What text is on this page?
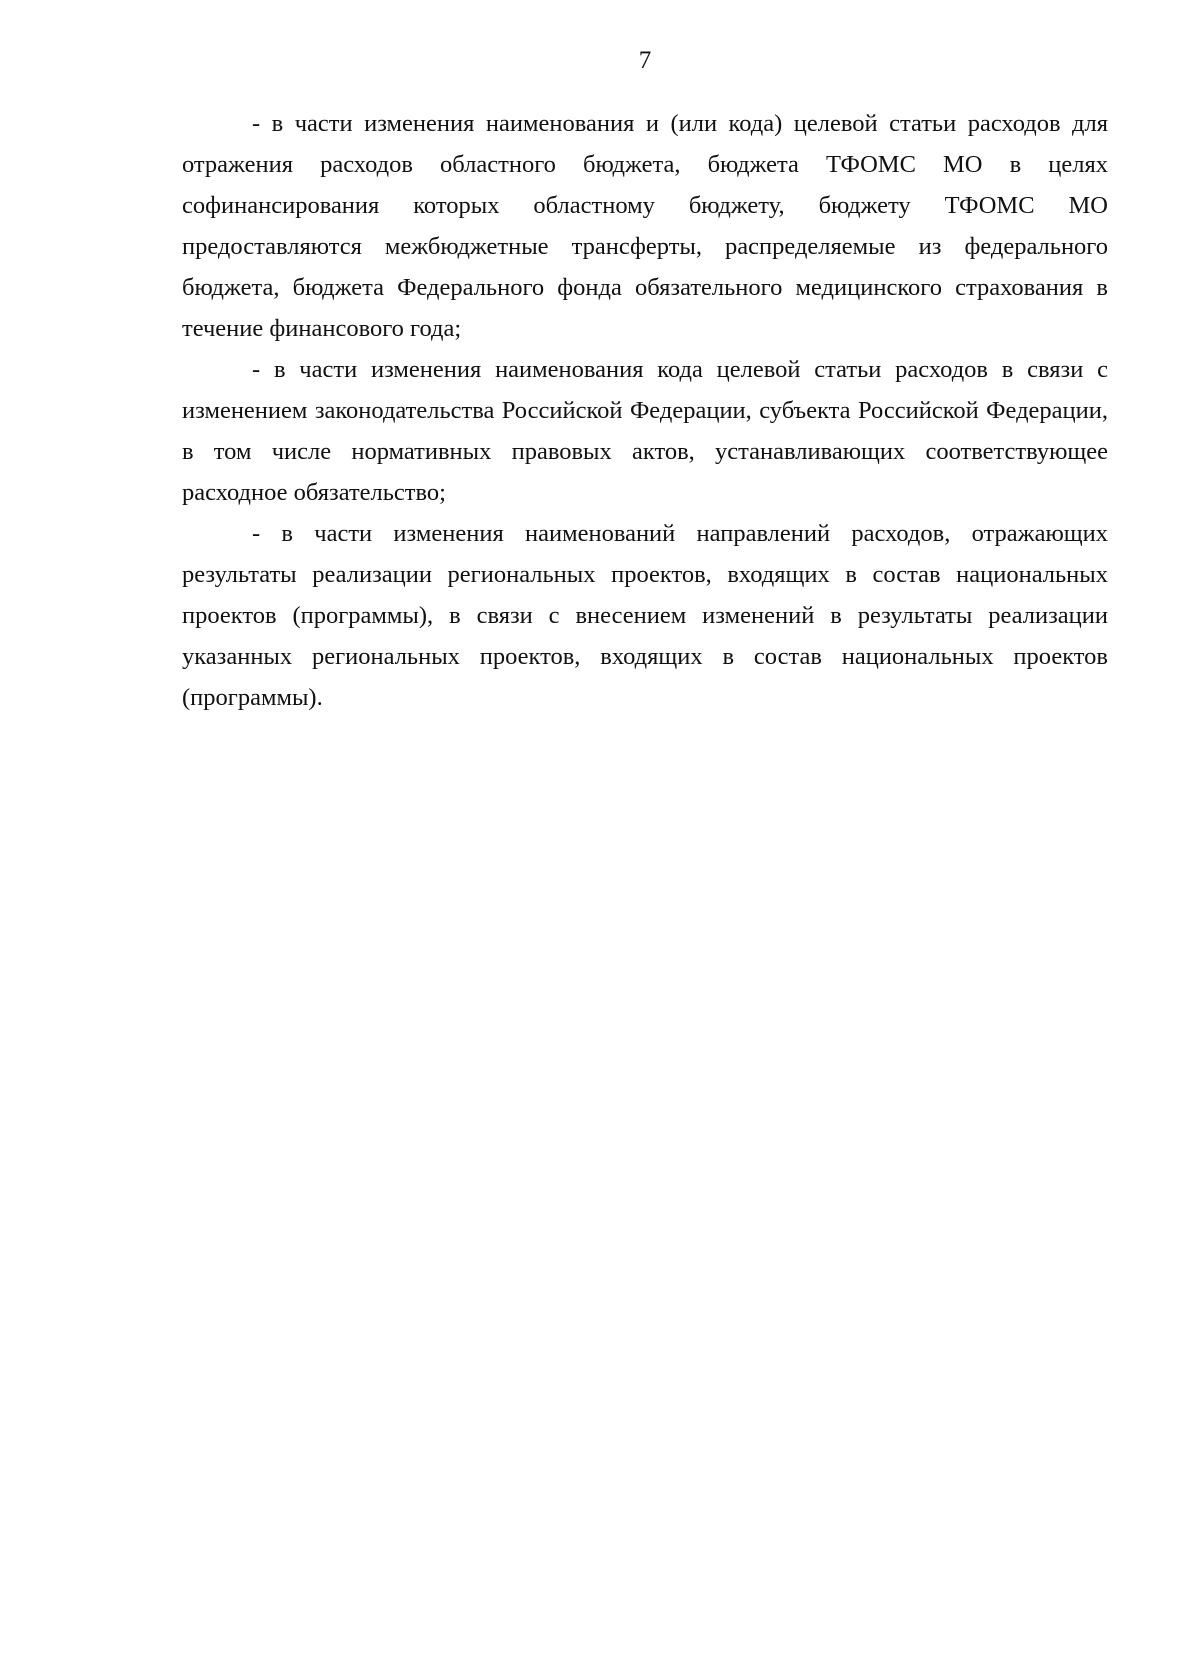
7

- в части изменения наименования и (или кода) целевой статьи расходов для отражения расходов областного бюджета, бюджета ТФОМС МО в целях софинансирования которых областному бюджету, бюджету ТФОМС МО предоставляются межбюджетные трансферты, распределяемые из федерального бюджета, бюджета Федерального фонда обязательного медицинского страхования в течение финансового года;

- в части изменения наименования кода целевой статьи расходов в связи с изменением законодательства Российской Федерации, субъекта Российской Федерации, в том числе нормативных правовых актов, устанавливающих соответствующее расходное обязательство;

- в части изменения наименований направлений расходов, отражающих результаты реализации региональных проектов, входящих в состав национальных проектов (программы), в связи с внесением изменений в результаты реализации указанных региональных проектов, входящих в состав национальных проектов (программы).
